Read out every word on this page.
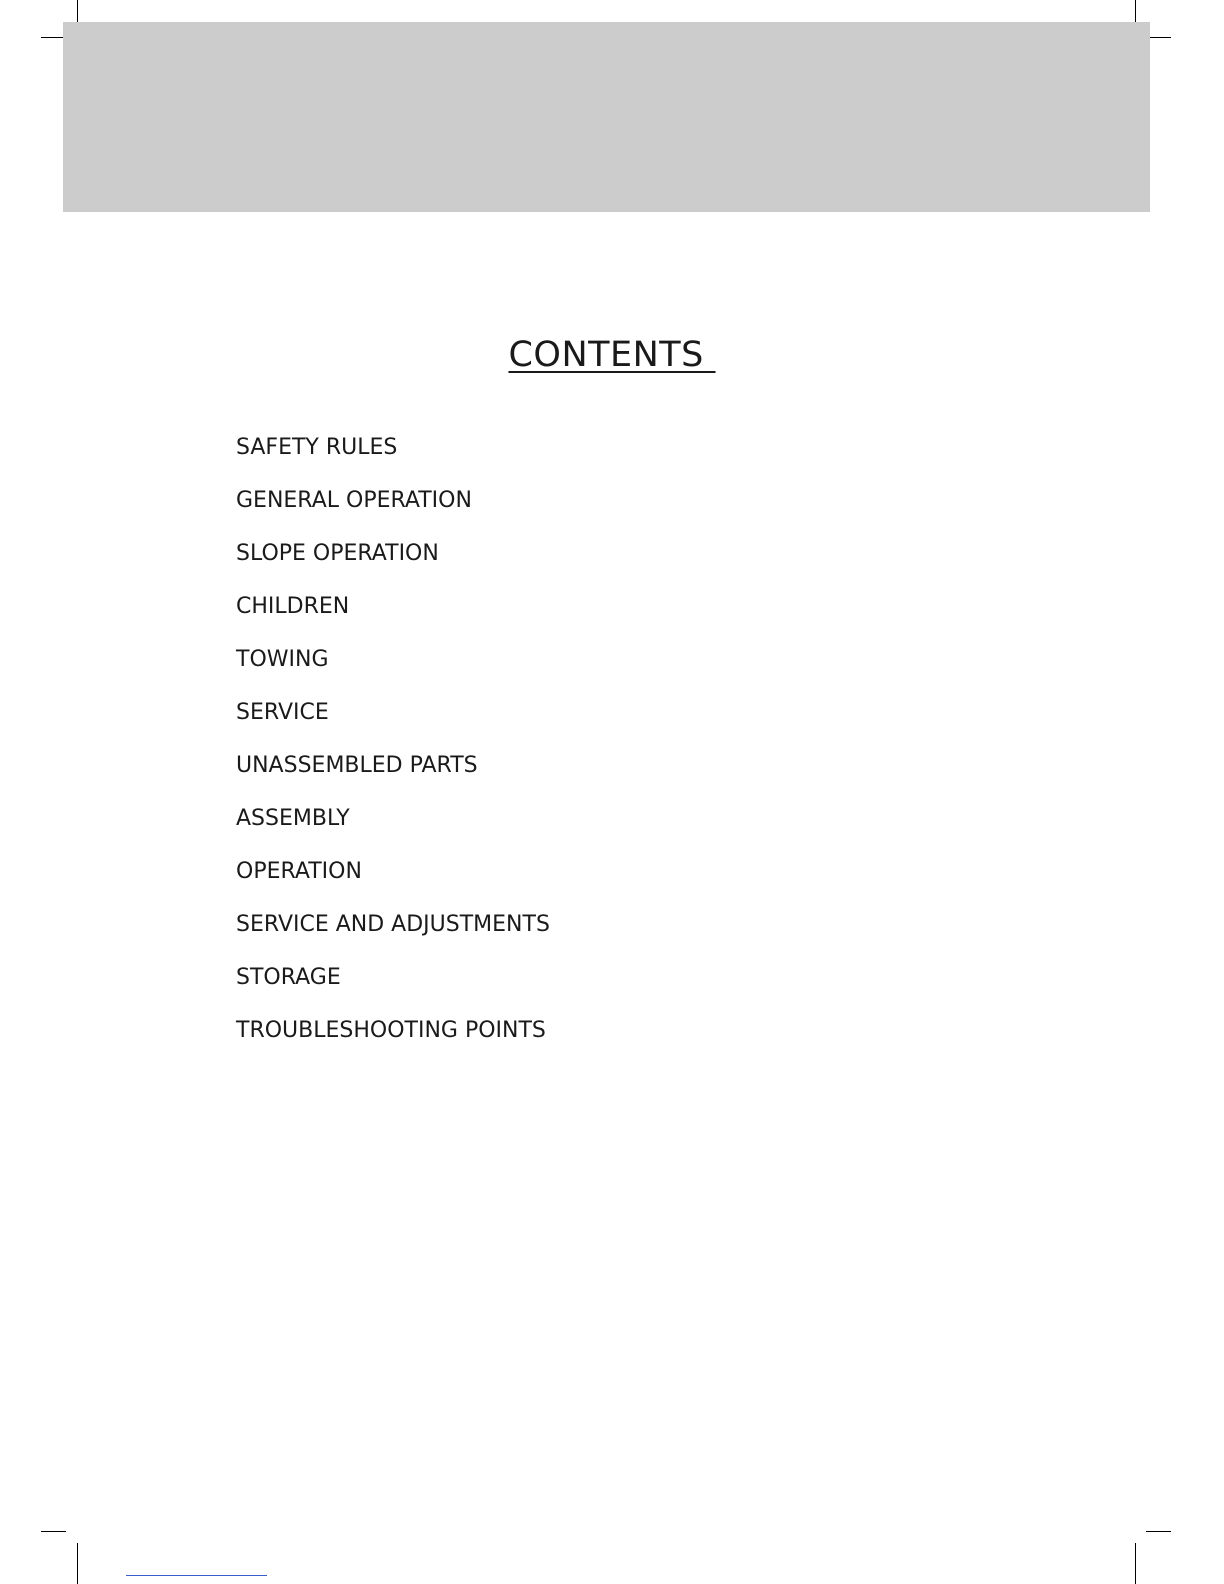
CONTENTS
SAFETY RULES
GENERAL OPERATION
SLOPE OPERATION
CHILDREN
TOWING
SERVICE
UNASSEMBLED PARTS
ASSEMBLY
OPERATION
SERVICE AND ADJUSTMENTS
STORAGE
TROUBLESHOOTING POINTS
